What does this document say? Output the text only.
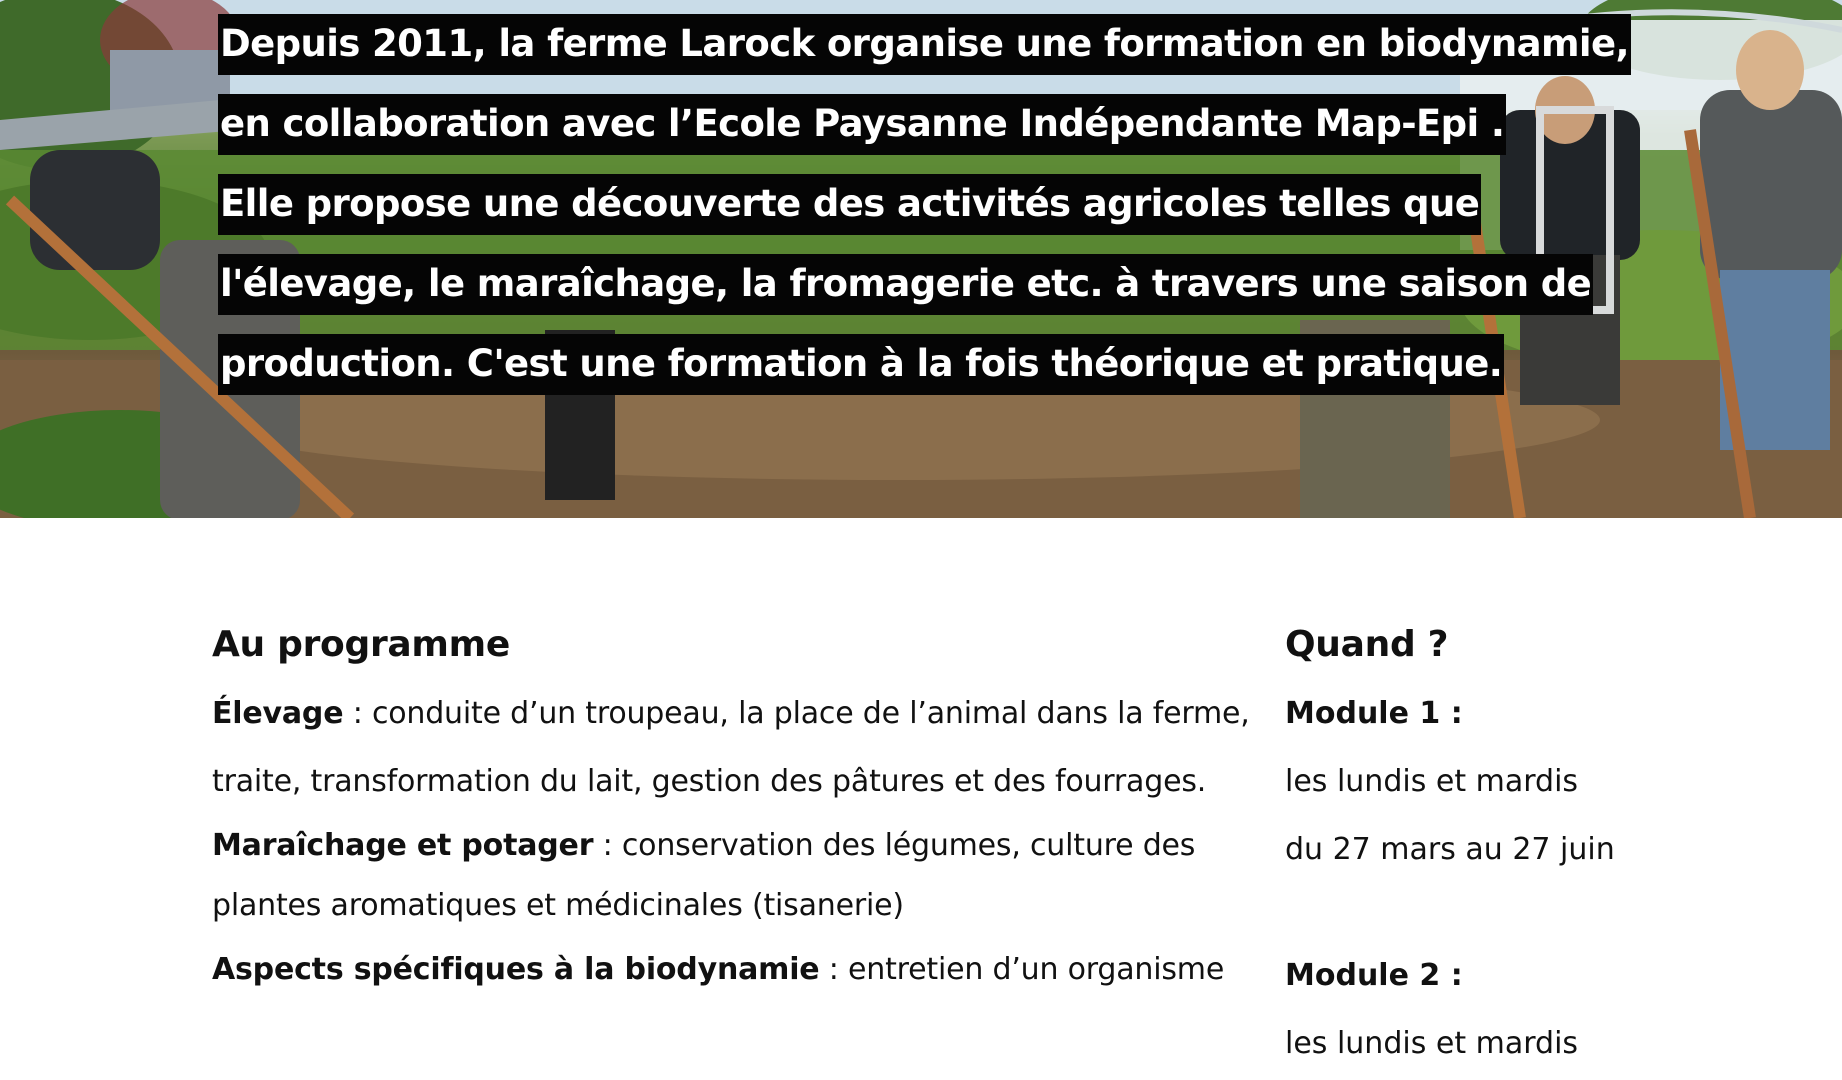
Depuis 2011, la ferme Larock organise une formation en biodynamie,
en collaboration avec l’Ecole Paysanne Indépendante Map-Epi .
Elle propose une découverte des activités agricoles telles que
l'élevage, le maraîchage, la fromagerie etc. à travers une saison de
production. C'est une formation à la fois théorique et pratique.
Au programme

Élevage : conduite d’un troupeau, la place de l’animal dans la ferme, traite, transformation du lait, gestion des pâtures et des fourrages.

Maraîchage et potager : conservation des légumes, culture des plantes aromatiques et médicinales (tisanerie)

Aspects spécifiques à la biodynamie : entretien d’un organisme

Quand ?

Module 1 :

les lundis et mardis

du 27 mars au 27 juin

Module 2 :

les lundis et mardis
